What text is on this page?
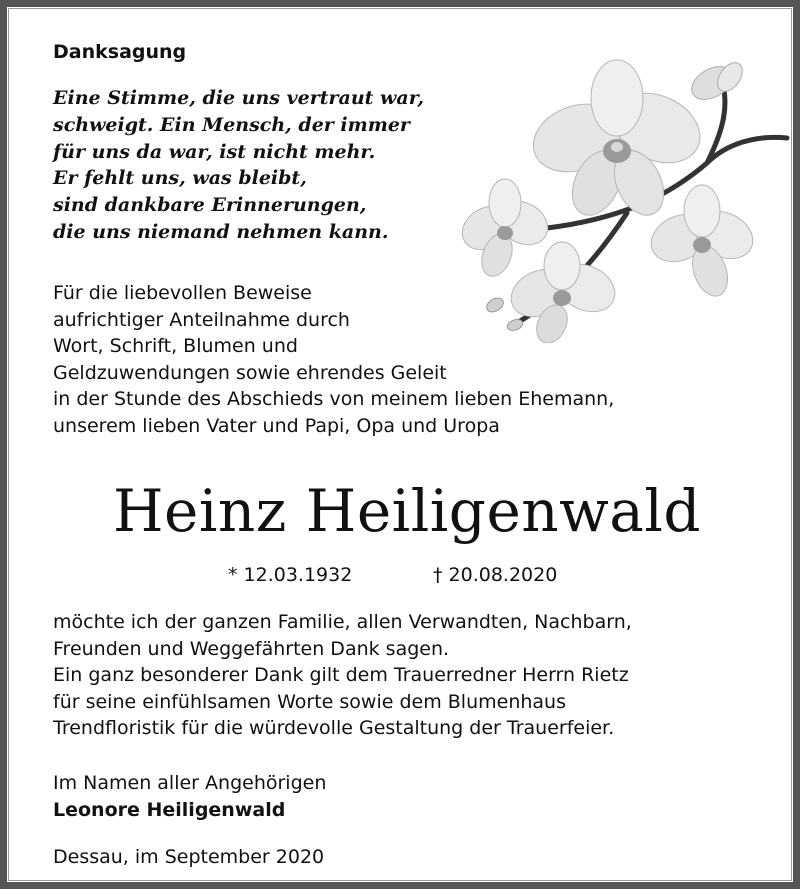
Danksagung
Eine Stimme, die uns vertraut war,
schweigt. Ein Mensch, der immer
für uns da war, ist nicht mehr.
Er fehlt uns, was bleibt,
sind dankbare Erinnerungen,
die uns niemand nehmen kann.
Für die liebevollen Beweise
aufrichtiger Anteilnahme durch
Wort, Schrift, Blumen und
Geldzuwendungen sowie ehrendes Geleit
in der Stunde des Abschieds von meinem lieben Ehemann,
unserem lieben Vater und Papi, Opa und Uropa
Heinz Heiligenwald
* 12.03.1932	† 20.08.2020
möchte ich der ganzen Familie, allen Verwandten, Nachbarn,
Freunden und Weggefährten Dank sagen.
Ein ganz besonderer Dank gilt dem Trauerredner Herrn Rietz
für seine einfühlsamen Worte sowie dem Blumenhaus
Trendfloristik für die würdevolle Gestaltung der Trauerfeier.
Im Namen aller Angehörigen
Leonore Heiligenwald
Dessau, im September 2020
